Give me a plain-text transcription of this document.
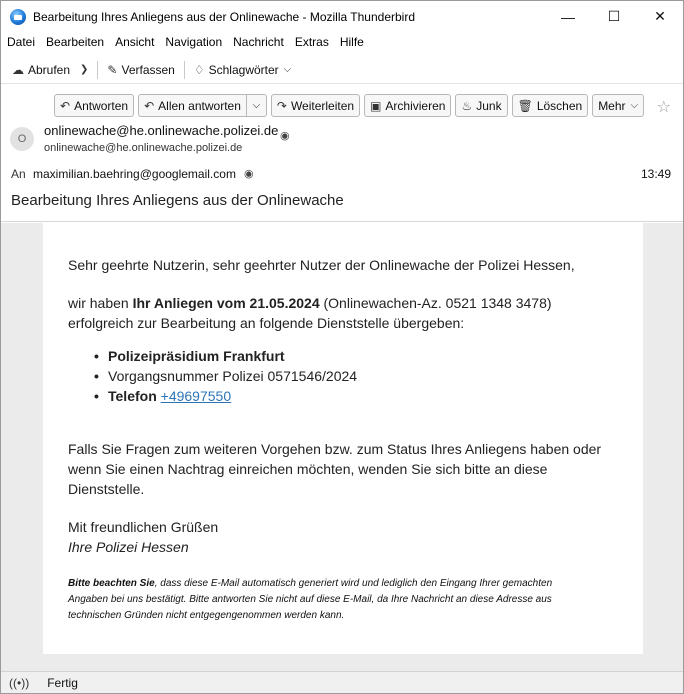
Bearbeitung Ihres Anliegens aus der Onlinewache - Mozilla Thunderbird	—	☐	✕
Datei Bearbeiten Ansicht Navigation Nachricht Extras Hilfe
☁ Abrufen ❯ ✎ Verfassen ♢ Schlagwörter ⌵
↶ Antworten ↶ Allen antworten	⌵	↷ Weiterleiten ▣ Archivieren ♨ Junk 🗑 Löschen Mehr ⌵ ☆
O
onlinewache@he.onlinewache.polizei.de
onlinewache@he.onlinewache.polizei.de
◉
An maximilian.baehring@googlemail.com ◉	13:49
Bearbeitung Ihres Anliegens aus der Onlinewache
Sehr geehrte Nutzerin, sehr geehrter Nutzer der Onlinewache der Polizei Hessen,
wir haben Ihr Anliegen vom 21.05.2024 (Onlinewachen-Az. 0521 1348 3478)
erfolgreich zur Bearbeitung an folgende Dienststelle übergeben:
• Polizeipräsidium Frankfurt
• Vorgangsnummer Polizei 0571546/2024
• Telefon +49697550
Falls Sie Fragen zum weiteren Vorgehen bzw. zum Status Ihres Anliegens haben oder
wenn Sie einen Nachtrag einreichen möchten, wenden Sie sich bitte an diese
Dienststelle.
Mit freundlichen Grüßen
Ihre Polizei Hessen
Bitte beachten Sie, dass diese E-Mail automatisch generiert wird und lediglich den Eingang Ihrer gemachten
Angaben bei uns bestätigt. Bitte antworten Sie nicht auf diese E-Mail, da Ihre Nachricht an diese Adresse aus
technischen Gründen nicht entgegengenommen werden kann.
((•)) Fertig
